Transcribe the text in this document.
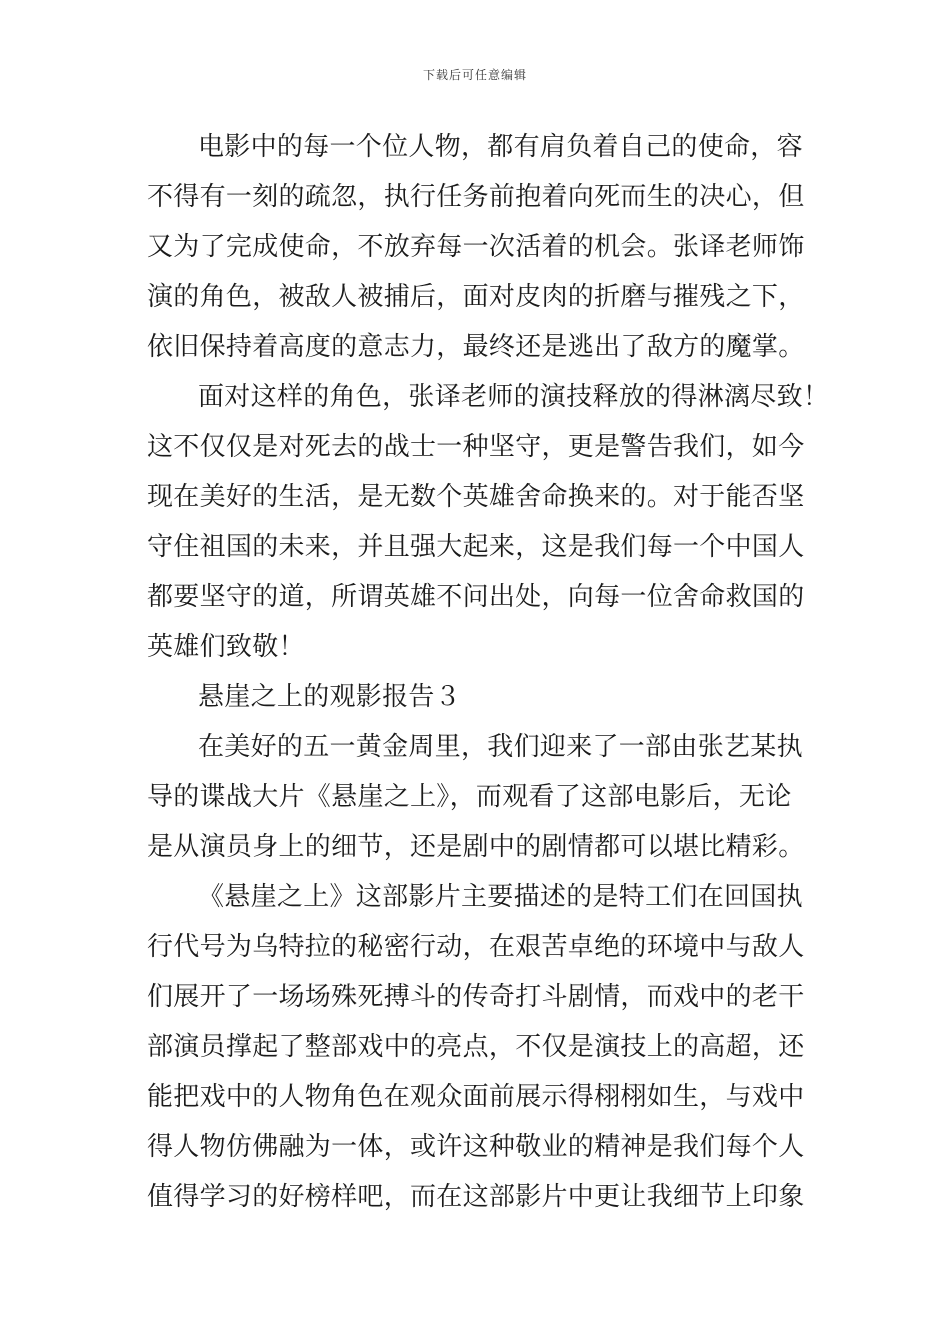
下载后可任意编辑
电影中的每一个位人物，都有肩负着自己的使命，容
不得有一刻的疏忽，执行任务前抱着向死而生的决心，但
又为了完成使命，不放弃每一次活着的机会。张译老师饰
演的角色，被敌人被捕后，面对皮肉的折磨与摧残之下，
依旧保持着高度的意志力，最终还是逃出了敌方的魔掌。
面对这样的角色，张译老师的演技释放的得淋漓尽致！
这不仅仅是对死去的战士一种坚守，更是警告我们，如今
现在美好的生活，是无数个英雄舍命换来的。对于能否坚
守住祖国的未来，并且强大起来，这是我们每一个中国人
都要坚守的道，所谓英雄不问出处，向每一位舍命救国的
英雄们致敬！
悬崖之上的观影报告３
在美好的五一黄金周里，我们迎来了一部由张艺某执
导的谍战大片《悬崖之上》，而观看了这部电影后，无论
是从演员身上的细节，还是剧中的剧情都可以堪比精彩。
《悬崖之上》这部影片主要描述的是特工们在回国执
行代号为乌特拉的秘密行动，在艰苦卓绝的环境中与敌人
们展开了一场场殊死搏斗的传奇打斗剧情，而戏中的老干
部演员撑起了整部戏中的亮点，不仅是演技上的高超，还
能把戏中的人物角色在观众面前展示得栩栩如生，与戏中
得人物仿佛融为一体，或许这种敬业的精神是我们每个人
值得学习的好榜样吧，而在这部影片中更让我细节上印象
